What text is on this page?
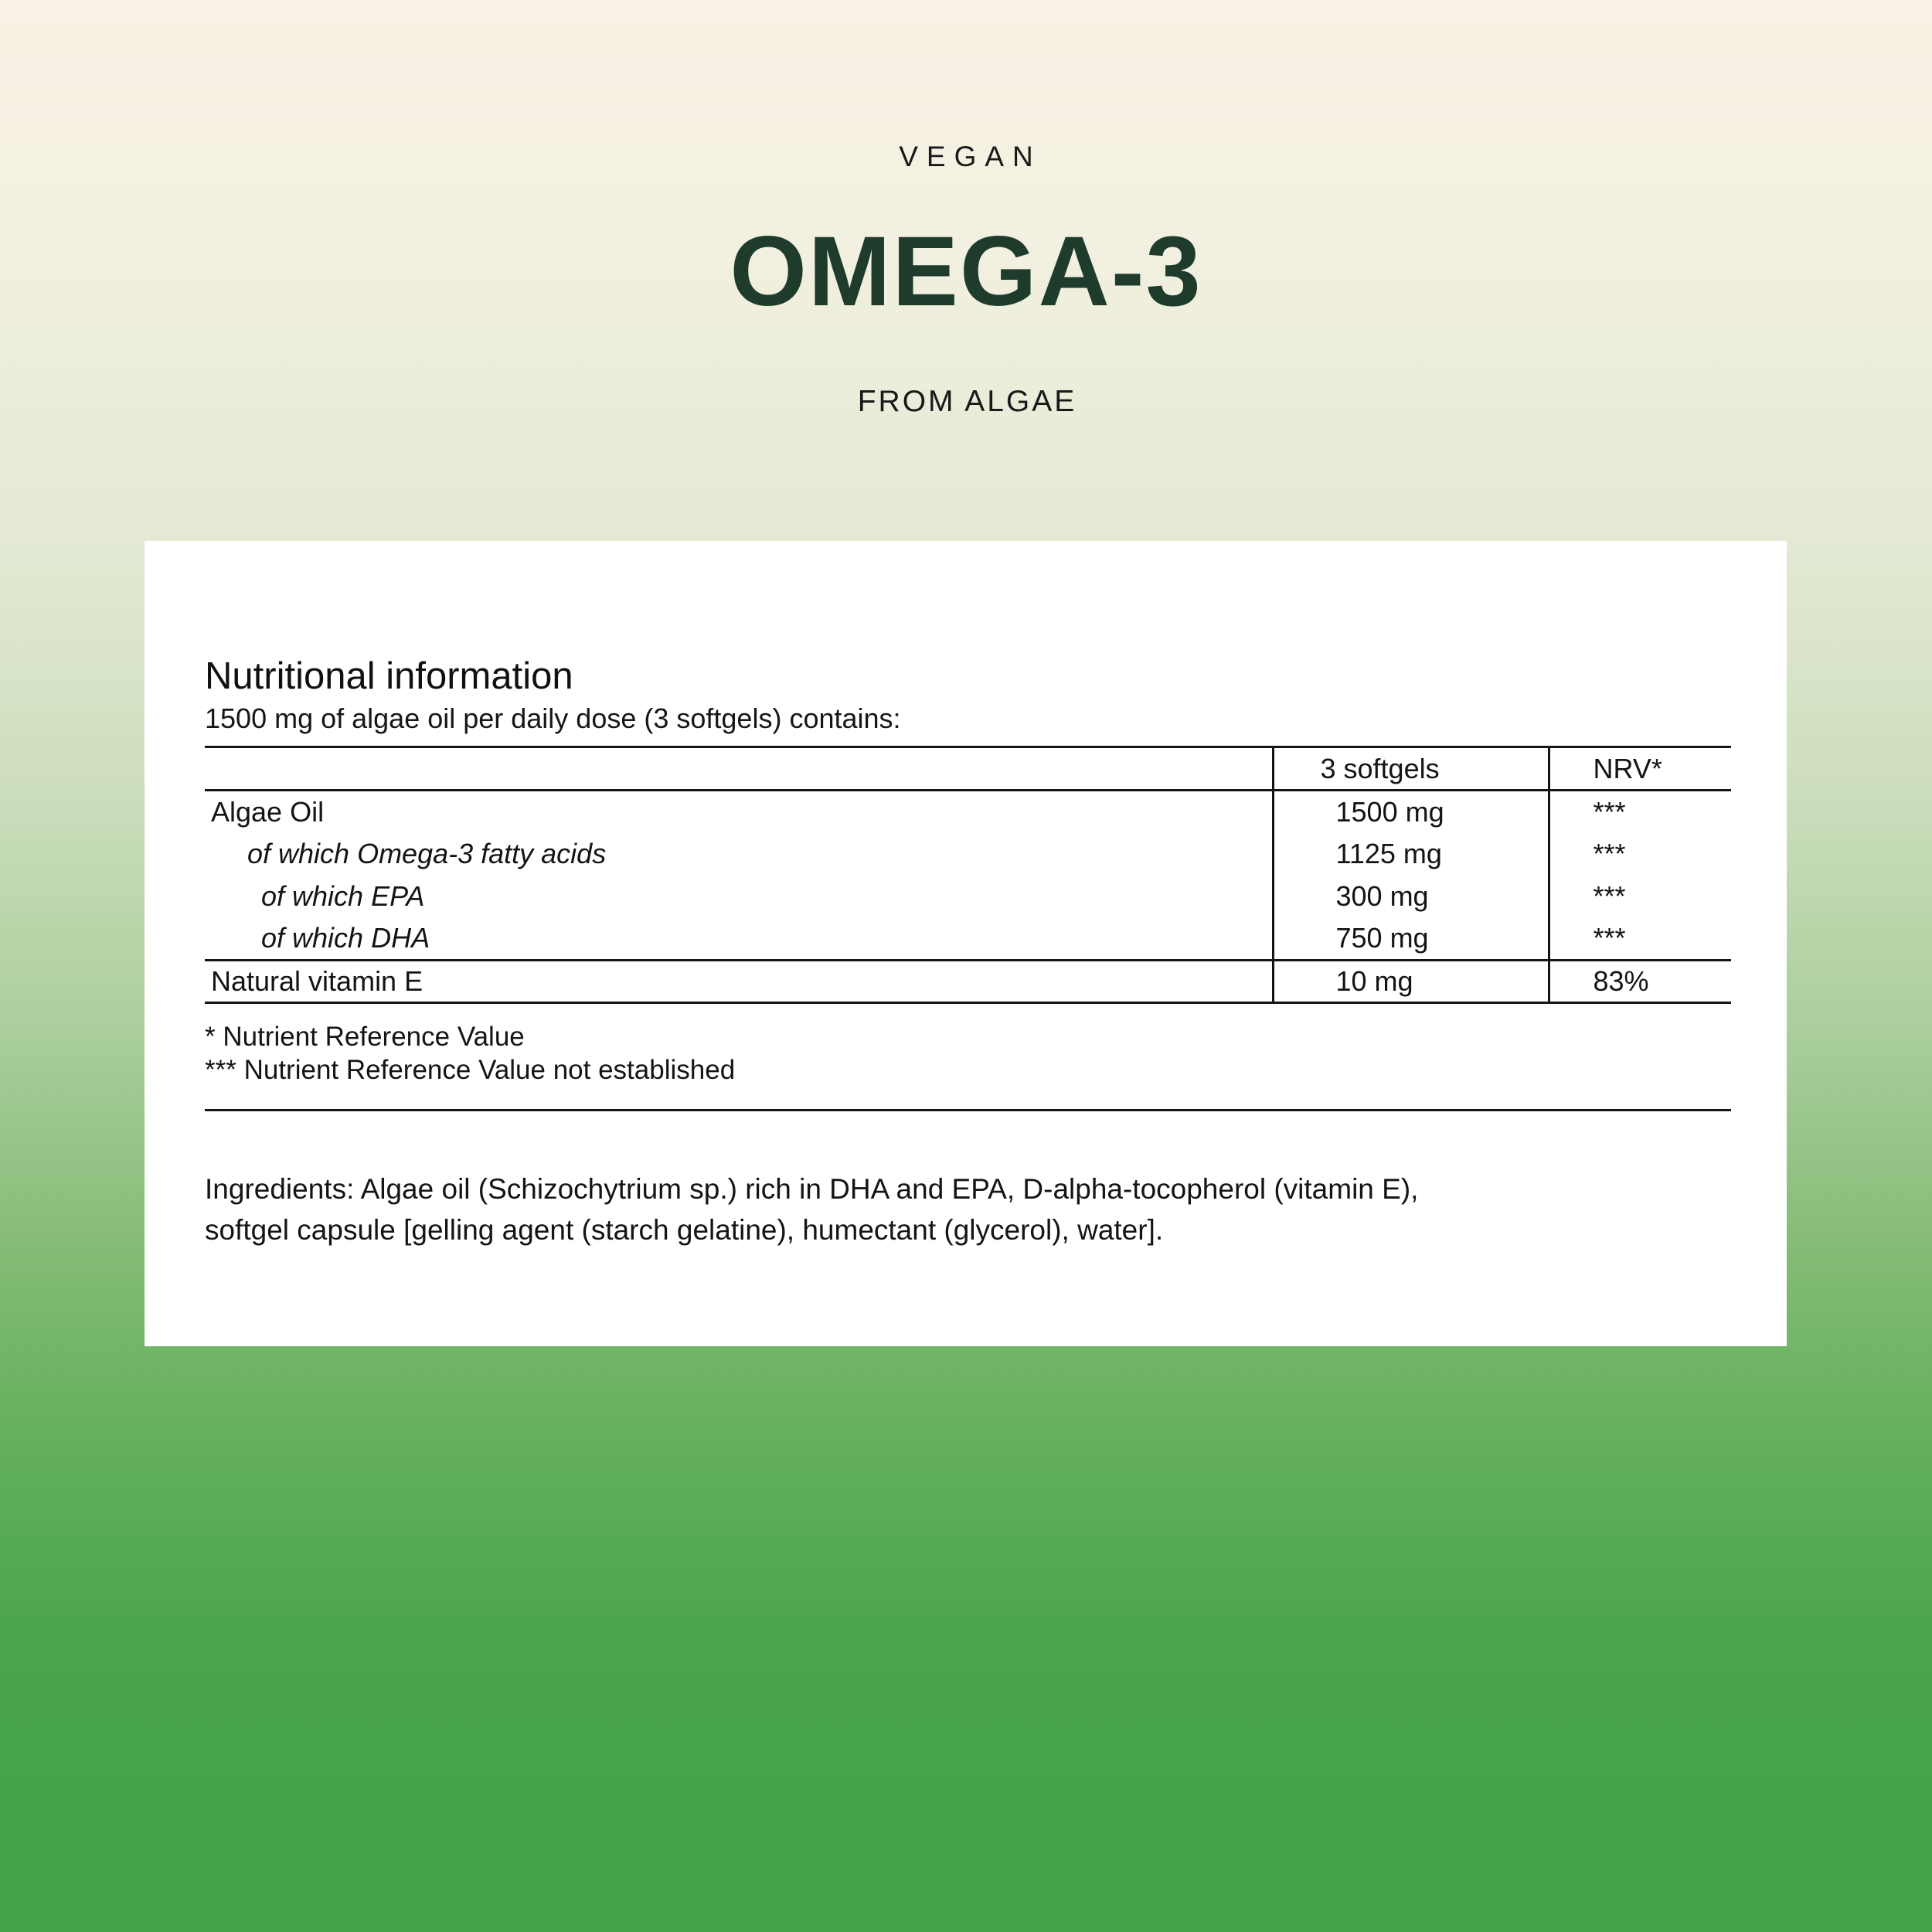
VEGAN
OMEGA-3
FROM ALGAE
Nutritional information
1500 mg of algae oil per daily dose (3 softgels) contains:
	3 softgels	NRV*
Algae Oil	1500 mg	***
of which Omega-3 fatty acids	1125 mg	***
of which EPA	300 mg	***
of which DHA	750 mg	***
Natural vitamin E	10 mg	83%
* Nutrient Reference Value
*** Nutrient Reference Value not established
Ingredients: Algae oil (Schizochytrium sp.) rich in DHA and EPA, D-alpha-tocopherol (vitamin E),
softgel capsule [gelling agent (starch gelatine), humectant (glycerol), water].
